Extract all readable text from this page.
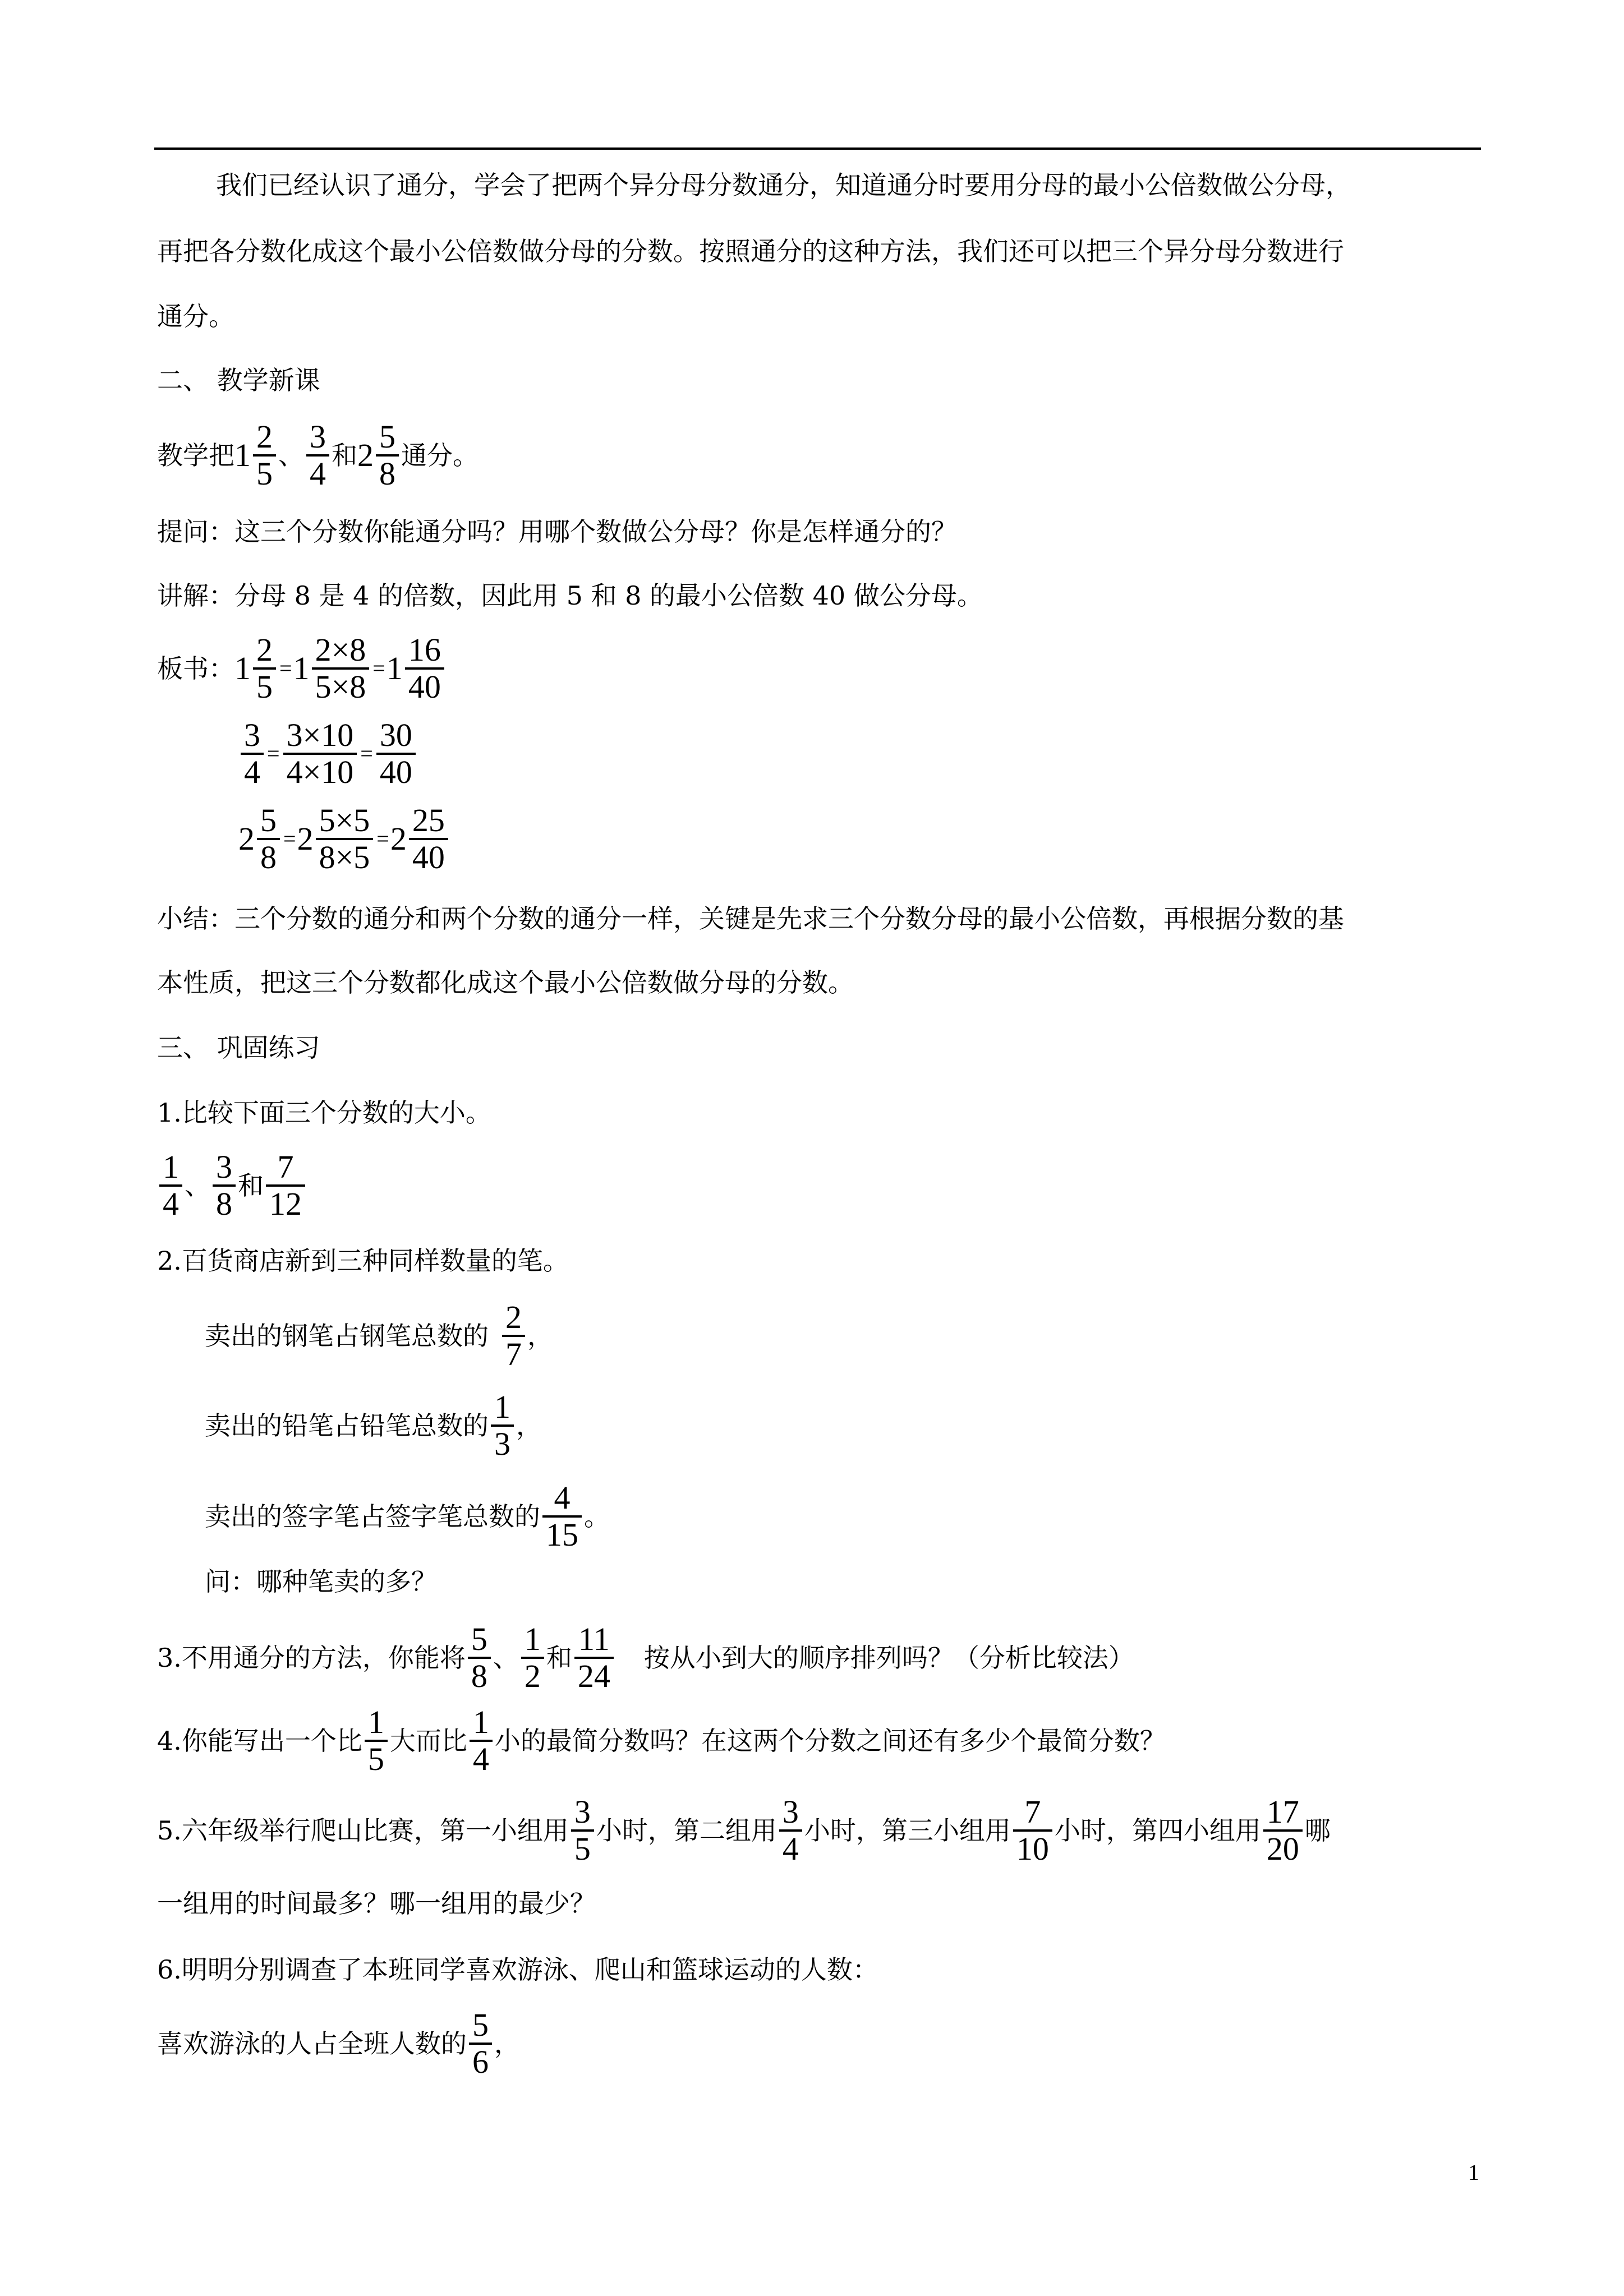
我们已经认识了通分，学会了把两个异分母分数通分，知道通分时要用分母的最小公倍数做公分母，
再把各分数化成这个最小公倍数做分母的分数。按照通分的这种方法，我们还可以把三个异分母分数进行
通分。
二、 教学新课
教学把 1
2
5 、
3
4 和 2
5
8 通分。
提问：这三个分数你能通分吗？用哪个数做公分母？你是怎样通分的？
讲解：分母 8 是 4 的倍数，因此用 5 和 8 的最小公倍数 40 做公分母。
板书： $1 \frac{2}{5} = 1 \frac{2\times 8}{5\times 8} = 1$
16
40
$\frac{3}{4} = \frac{3\times 10}{4\times 10} = \frac{30}{40}$
$2 \frac{5}{8} = 2 \frac{5\times 5}{8\times 5} = 2$
25
40
小结：三个分数的通分和两个分数的通分一样，关键是先求三个分数分母的最小公倍数，再根据分数的基
本性质，把这三个分数都化成这个最小公倍数做分母的分数。
三、 巩固练习
1.比较下面三个分数的大小。
1
4 、
3
8 和
7
12
2.百货商店新到三种同样数量的笔。
卖出的钢笔占钢笔总数的
2
7 ，
卖出的铅笔占铅笔总数的
1
3 ，
卖出的签字笔占签字笔总数的
4
15 。
问：哪种笔卖的多？
3.不用通分的方法，你能将
5
8 、
1
2 和
11
24 按从小到大的顺序排列吗？（分析比较法）
4.你能写出一个比
1
5 大而比
1
4 小的最简分数吗？在这两个分数之间还有多少个最简分数？
5.六年级举行爬山比赛，第一小组用
3
5 小时，第二组用
3
4 小时，第三小组用
7
10 小时，第四小组用
17
20 哪
一组用的时间最多？哪一组用的最少？
6.明明分别调查了本班同学喜欢游泳、爬山和篮球运动的人数：
喜欢游泳的人占全班人数的
5
6 ，
1
